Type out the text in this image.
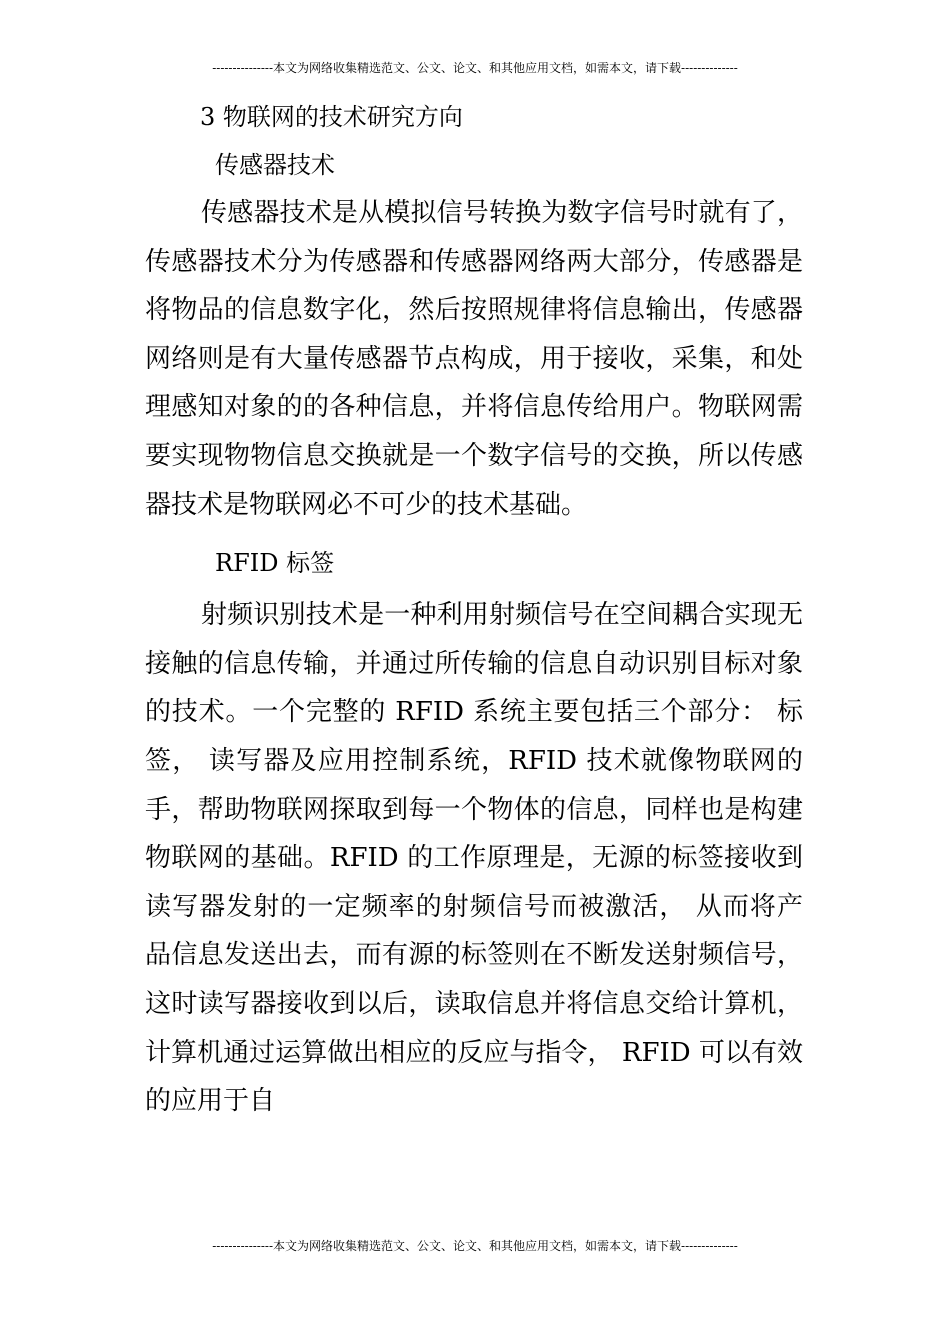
---------------本文为网络收集精选范文、公文、论文、和其他应用文档，如需本文，请下载--------------

3 物联网的技术研究方向

传感器技术

传感器技术是从模拟信号转换为数字信号时就有了， 传感器技术分为传感器和传感器网络两大部分，传感器是将物品的信息数字化，然后按照规律将信息输出，传感器网络则是有大量传感器节点构成，用于接收，采集，和处理感知对象的的各种信息，并将信息传给用户。物联网需要实现物物信息交换就是一个数字信号的交换，所以传感器技术是物联网必不可少的技术基础。

RFID 标签

射频识别技术是一种利用射频信号在空间耦合实现无接触的信息传输，并通过所传输的信息自动识别目标对象的技术。一个完整的 RFID 系统主要包括三个部分： 标签， 读写器及应用控制系统，RFID 技术就像物联网的手，帮助物联网探取到每一个物体的信息，同样也是构建物联网的基础。RFID 的工作原理是，无源的标签接收到读写器发射的一定频率的射频信号而被激活， 从而将产品信息发送出去，而有源的标签则在不断发送射频信号，这时读写器接收到以后，读取信息并将信息交给计算机，计算机通过运算做出相应的反应与指令， RFID 可以有效的应用于自

---------------本文为网络收集精选范文、公文、论文、和其他应用文档，如需本文，请下载--------------
